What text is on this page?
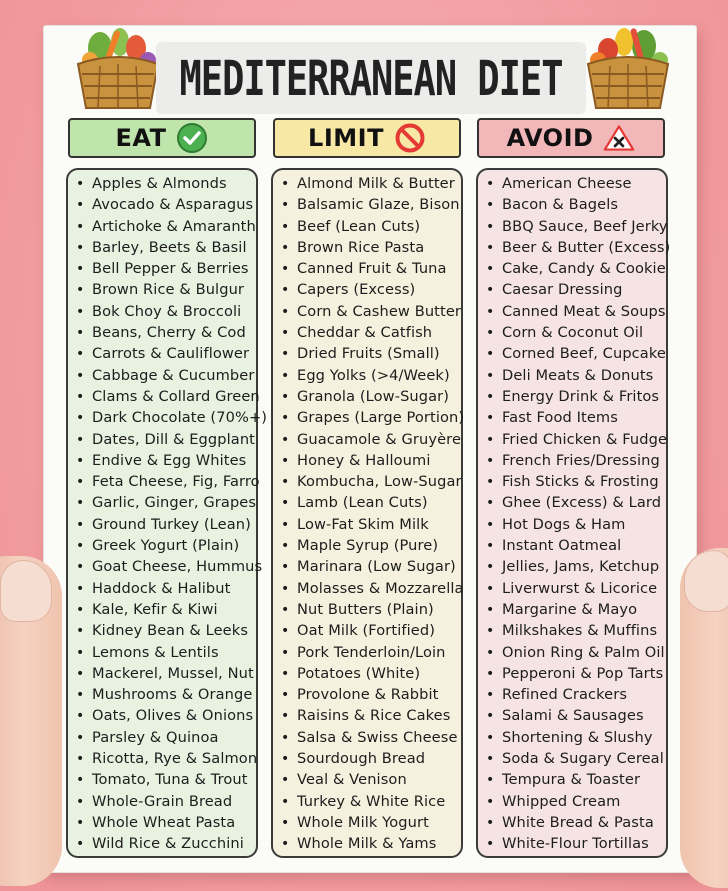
MEDITERRANEAN DIET
EAT	LIMIT	AVOID
• Apples & Almonds
• Avocado & Asparagus
• Artichoke & Amaranth
• Barley, Beets & Basil
• Bell Pepper & Berries
• Brown Rice & Bulgur
• Bok Choy & Broccoli
• Beans, Cherry & Cod
• Carrots & Cauliflower
• Cabbage & Cucumber
• Clams & Collard Green
• Dark Chocolate (70%+)
• Dates, Dill & Eggplant
• Endive & Egg Whites
• Feta Cheese, Fig, Farro
• Garlic, Ginger, Grapes
• Ground Turkey (Lean)
• Greek Yogurt (Plain)
• Goat Cheese, Hummus
• Haddock & Halibut
• Kale, Kefir & Kiwi
• Kidney Bean & Leeks
• Lemons & Lentils
• Mackerel, Mussel, Nut
• Mushrooms & Orange
• Oats, Olives & Onions
• Parsley & Quinoa
• Ricotta, Rye & Salmon
• Tomato, Tuna & Trout
• Whole-Grain Bread
• Whole Wheat Pasta
• Wild Rice & Zucchini
• Almond Milk & Butter
• Balsamic Glaze, Bison
• Beef (Lean Cuts)
• Brown Rice Pasta
• Canned Fruit & Tuna
• Capers (Excess)
• Corn & Cashew Butter
• Cheddar & Catfish
• Dried Fruits (Small)
• Egg Yolks (>4/Week)
• Granola (Low-Sugar)
• Grapes (Large Portion)
• Guacamole & Gruyère
• Honey & Halloumi
• Kombucha, Low-Sugar
• Lamb (Lean Cuts)
• Low-Fat Skim Milk
• Maple Syrup (Pure)
• Marinara (Low Sugar)
• Molasses & Mozzarella
• Nut Butters (Plain)
• Oat Milk (Fortified)
• Pork Tenderloin/Loin
• Potatoes (White)
• Provolone & Rabbit
• Raisins & Rice Cakes
• Salsa & Swiss Cheese
• Sourdough Bread
• Veal & Venison
• Turkey & White Rice
• Whole Milk Yogurt
• Whole Milk & Yams
• American Cheese
• Bacon & Bagels
• BBQ Sauce, Beef Jerky
• Beer & Butter (Excess)
• Cake, Candy & Cookie
• Caesar Dressing
• Canned Meat & Soups
• Corn & Coconut Oil
• Corned Beef, Cupcake
• Deli Meats & Donuts
• Energy Drink & Fritos
• Fast Food Items
• Fried Chicken & Fudge
• French Fries/Dressing
• Fish Sticks & Frosting
• Ghee (Excess) & Lard
• Hot Dogs & Ham
• Instant Oatmeal
• Jellies, Jams, Ketchup
• Liverwurst & Licorice
• Margarine & Mayo
• Milkshakes & Muffins
• Onion Ring & Palm Oil
• Pepperoni & Pop Tarts
• Refined Crackers
• Salami & Sausages
• Shortening & Slushy
• Soda & Sugary Cereal
• Tempura & Toaster
• Whipped Cream
• White Bread & Pasta
• White-Flour Tortillas
